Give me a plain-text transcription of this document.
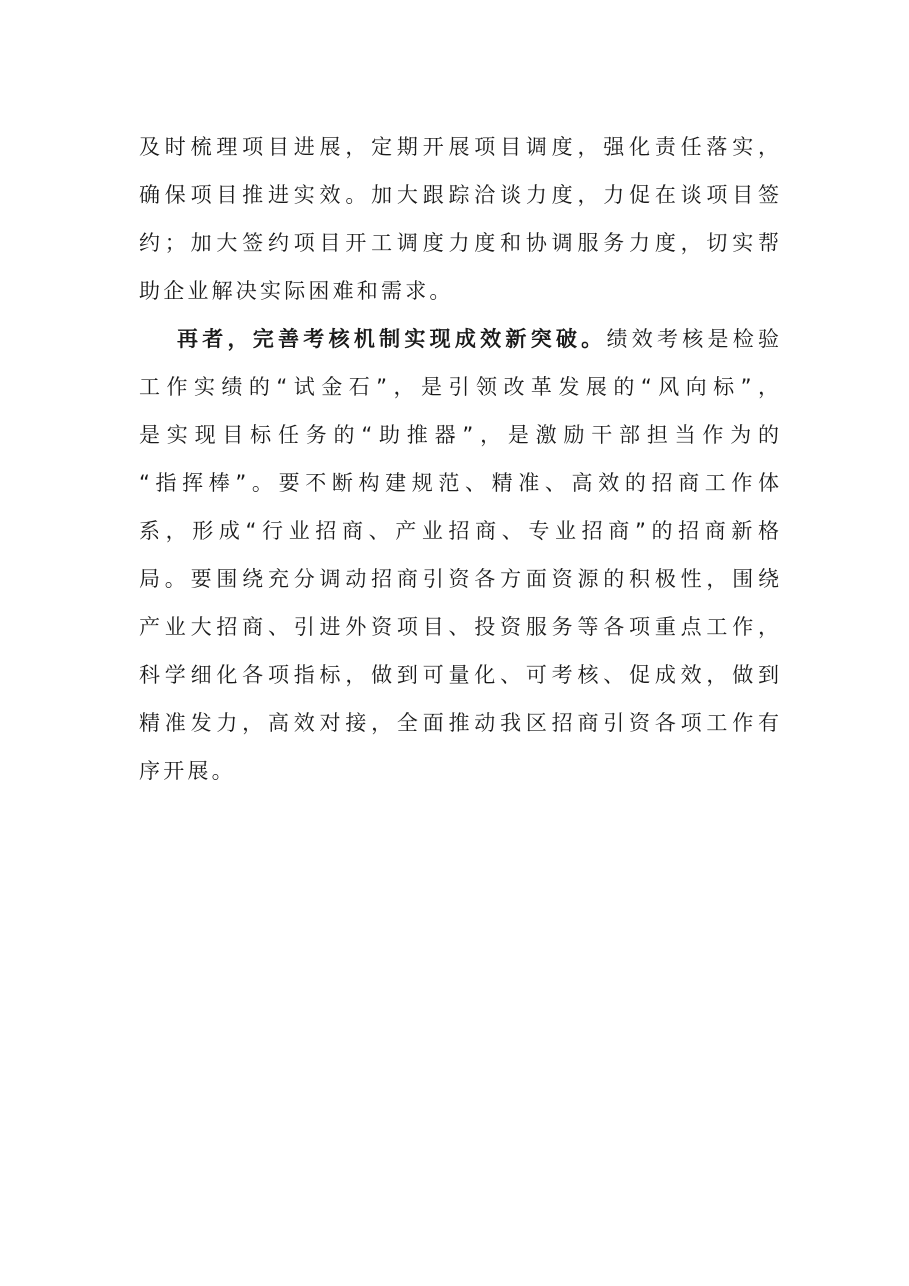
及时梳理项目进展，定期开展项目调度，强化责任落实，
确保项目推进实效。加大跟踪洽谈力度，力促在谈项目签
约；加大签约项目开工调度力度和协调服务力度，切实帮
助企业解决实际困难和需求。
再者，完善考核机制实现成效新突破。绩效考核是检验
工作实绩的“试金石”，是引领改革发展的“风向标”，
是实现目标任务的“助推器”，是激励干部担当作为的
“指挥棒”。要不断构建规范、精准、高效的招商工作体
系，形成“行业招商、产业招商、专业招商”的招商新格
局。要围绕充分调动招商引资各方面资源的积极性，围绕
产业大招商、引进外资项目、投资服务等各项重点工作，
科学细化各项指标，做到可量化、可考核、促成效，做到
精准发力，高效对接，全面推动我区招商引资各项工作有
序开展。
